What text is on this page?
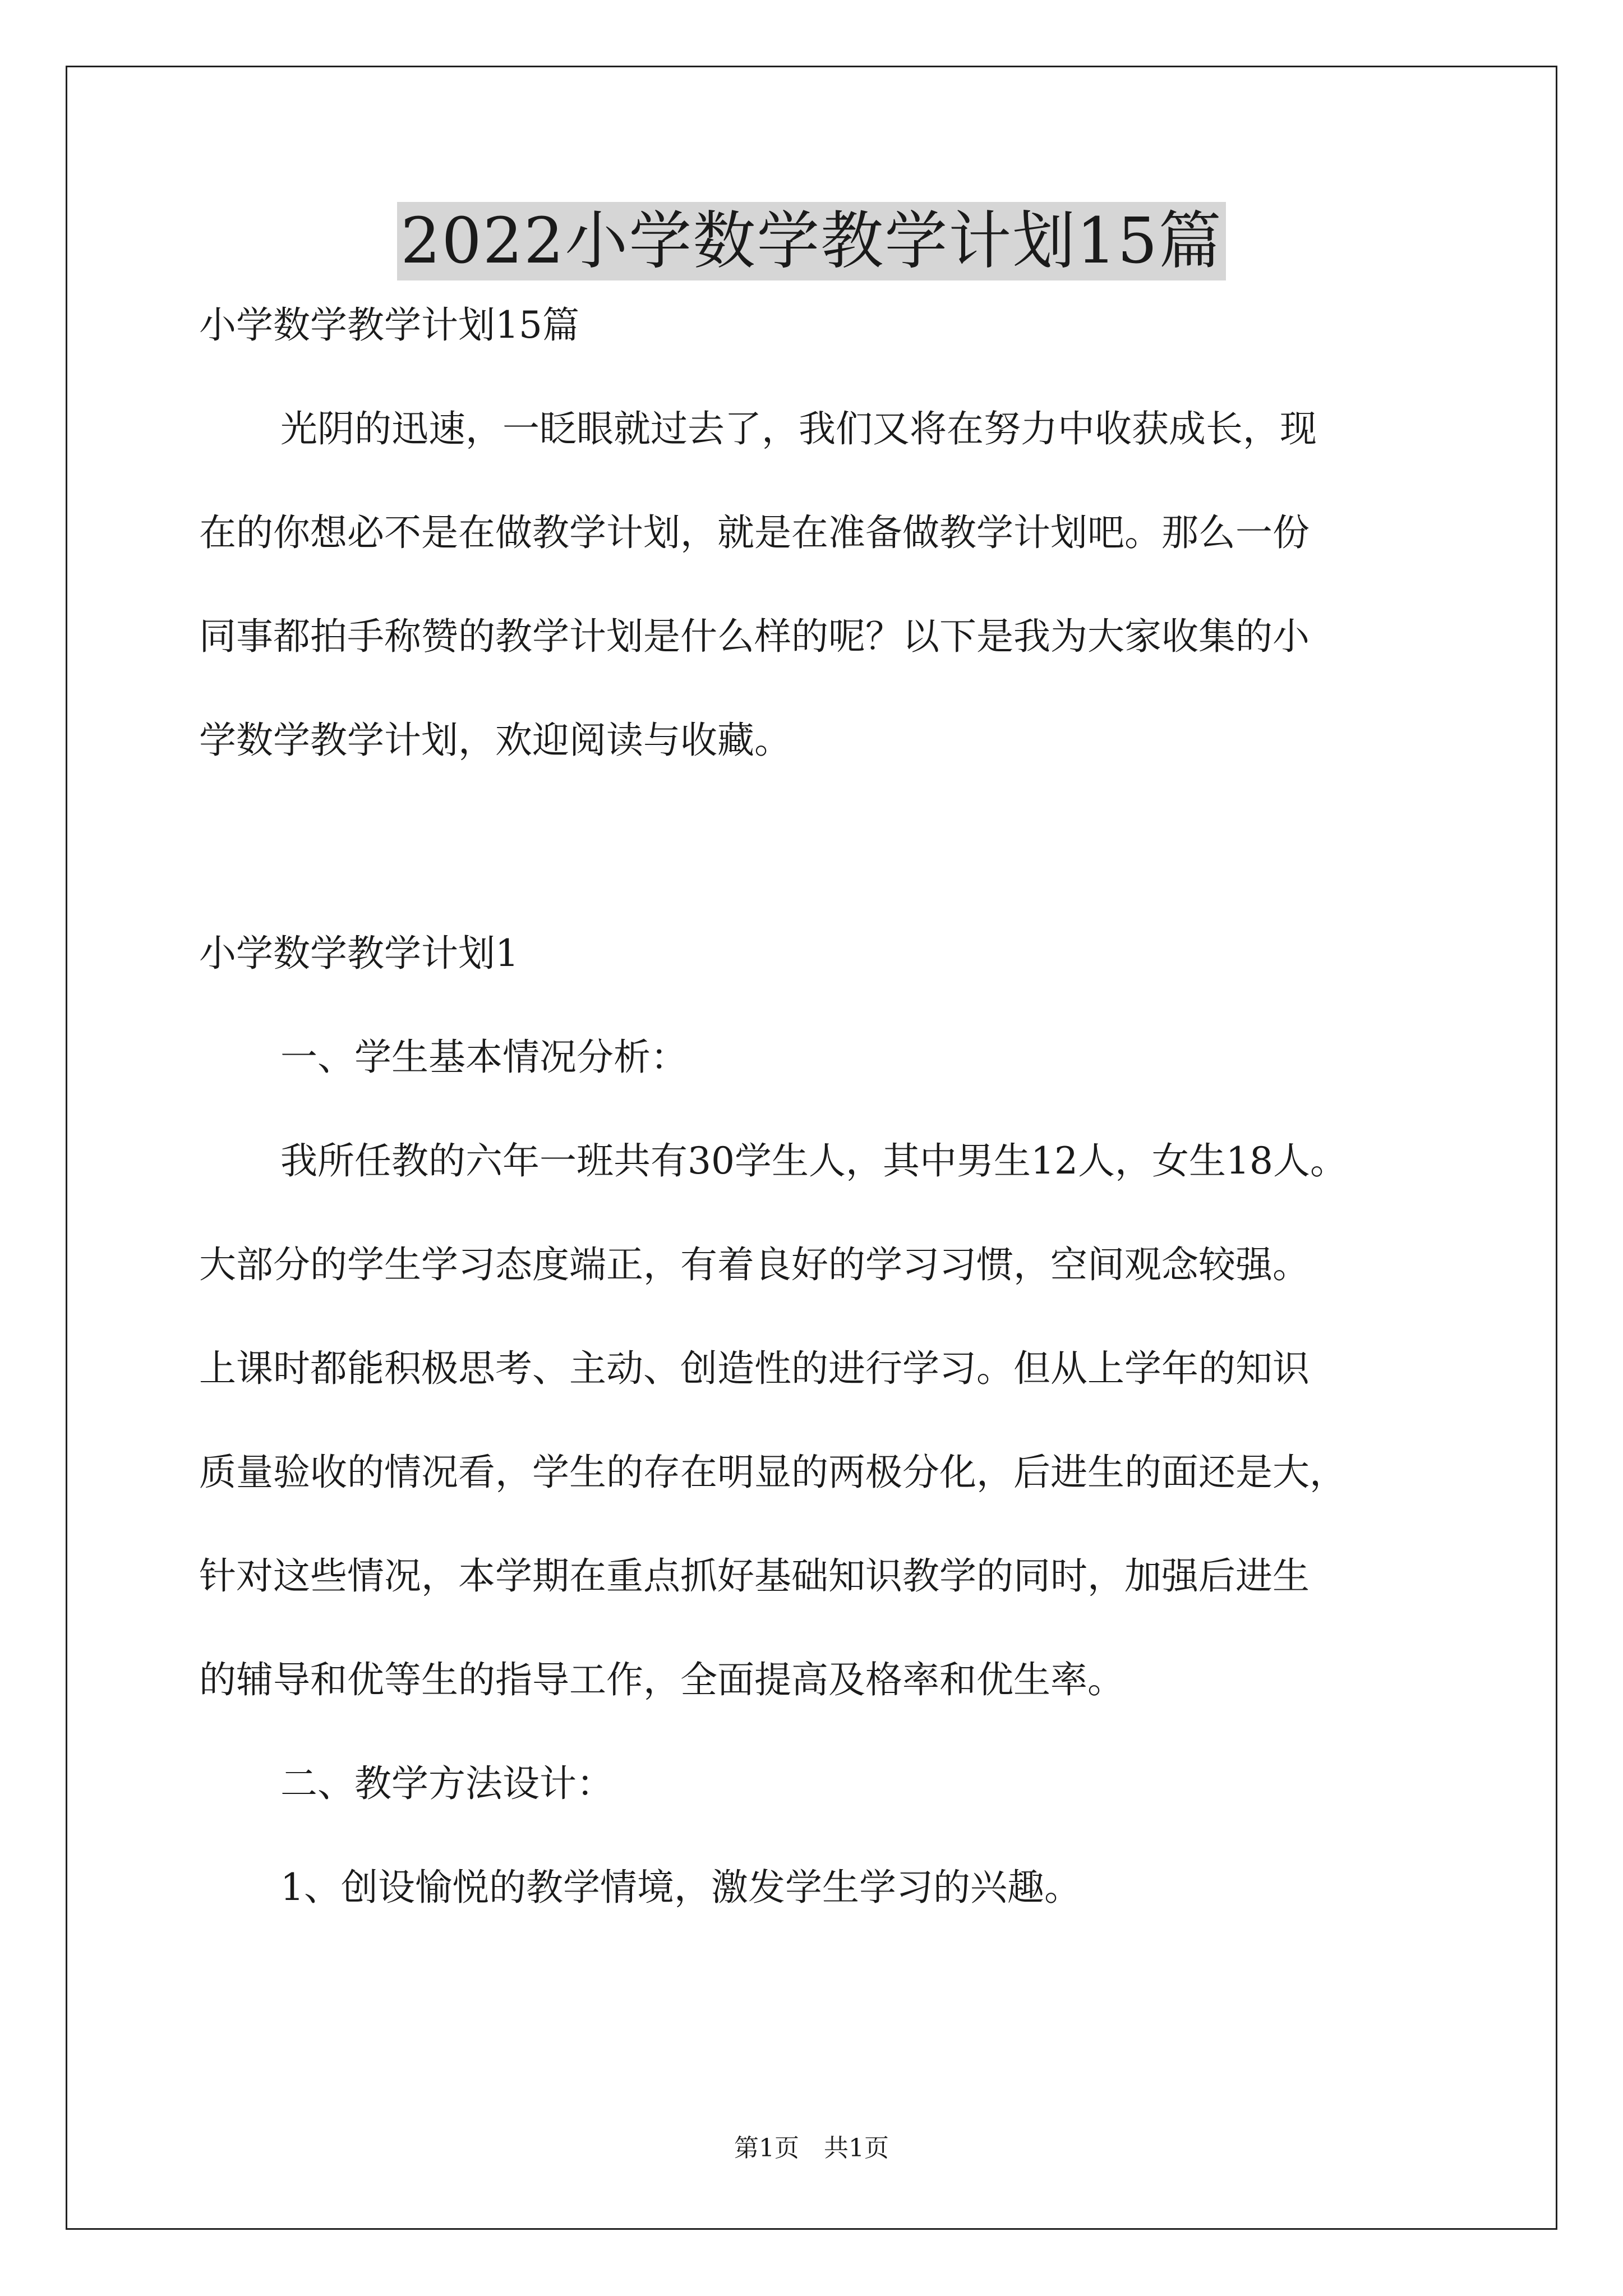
2022小学数学教学计划15篇

小学数学教学计划15篇

光阴的迅速，一眨眼就过去了，我们又将在努力中收获成长，现

在的你想必不是在做教学计划，就是在准备做教学计划吧。那么一份

同事都拍手称赞的教学计划是什么样的呢？以下是我为大家收集的小

学数学教学计划，欢迎阅读与收藏。

小学数学教学计划1

一、学生基本情况分析：

我所任教的六年一班共有30学生人，其中男生12人，女生18人。

大部分的学生学习态度端正，有着良好的学习习惯，空间观念较强。

上课时都能积极思考、主动、创造性的进行学习。但从上学年的知识

质量验收的情况看，学生的存在明显的两极分化，后进生的面还是大，

针对这些情况，本学期在重点抓好基础知识教学的同时，加强后进生

的辅导和优等生的指导工作，全面提高及格率和优生率。

二、教学方法设计：

1、创设愉悦的教学情境，激发学生学习的兴趣。

第1页　共1页
